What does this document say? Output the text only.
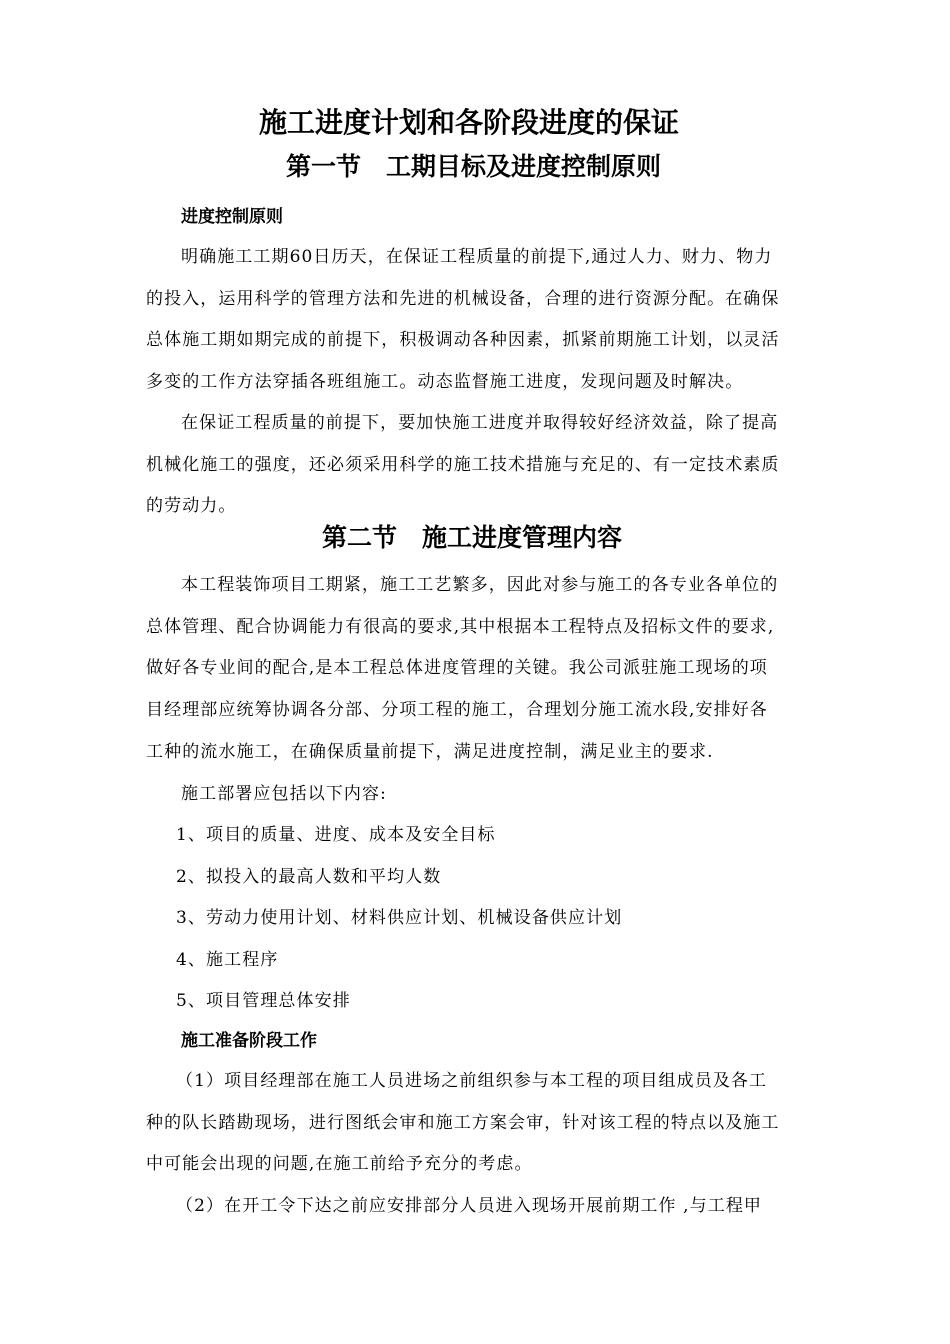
施工进度计划和各阶段进度的保证
第一节　工期目标及进度控制原则
进度控制原则
明确施工工期60日历天，在保证工程质量的前提下,通过人力、财力、物力
的投入，运用科学的管理方法和先进的机械设备，合理的进行资源分配。在确保
总体施工期如期完成的前提下，积极调动各种因素，抓紧前期施工计划，以灵活
多变的工作方法穿插各班组施工。动态监督施工进度，发现问题及时解决。
在保证工程质量的前提下，要加快施工进度并取得较好经济效益，除了提高
机械化施工的强度，还必须采用科学的施工技术措施与充足的、有一定技术素质
的劳动力。
第二节　施工进度管理内容
本工程装饰项目工期紧，施工工艺繁多，因此对参与施工的各专业各单位的
总体管理、配合协调能力有很高的要求,其中根据本工程特点及招标文件的要求,
做好各专业间的配合,是本工程总体进度管理的关键。我公司派驻施工现场的项
目经理部应统筹协调各分部、分项工程的施工，合理划分施工流水段,安排好各
工种的流水施工，在确保质量前提下，满足进度控制，满足业主的要求.
施工部署应包括以下内容:
1、项目的质量、进度、成本及安全目标
2、拟投入的最高人数和平均人数
3、劳动力使用计划、材料供应计划、机械设备供应计划
4、施工程序
5、项目管理总体安排
施工准备阶段工作
（1）项目经理部在施工人员进场之前组织参与本工程的项目组成员及各工
种的队长踏勘现场，进行图纸会审和施工方案会审，针对该工程的特点以及施工
中可能会出现的问题,在施工前给予充分的考虑。
（2）在开工令下达之前应安排部分人员进入现场开展前期工作 ,与工程甲
